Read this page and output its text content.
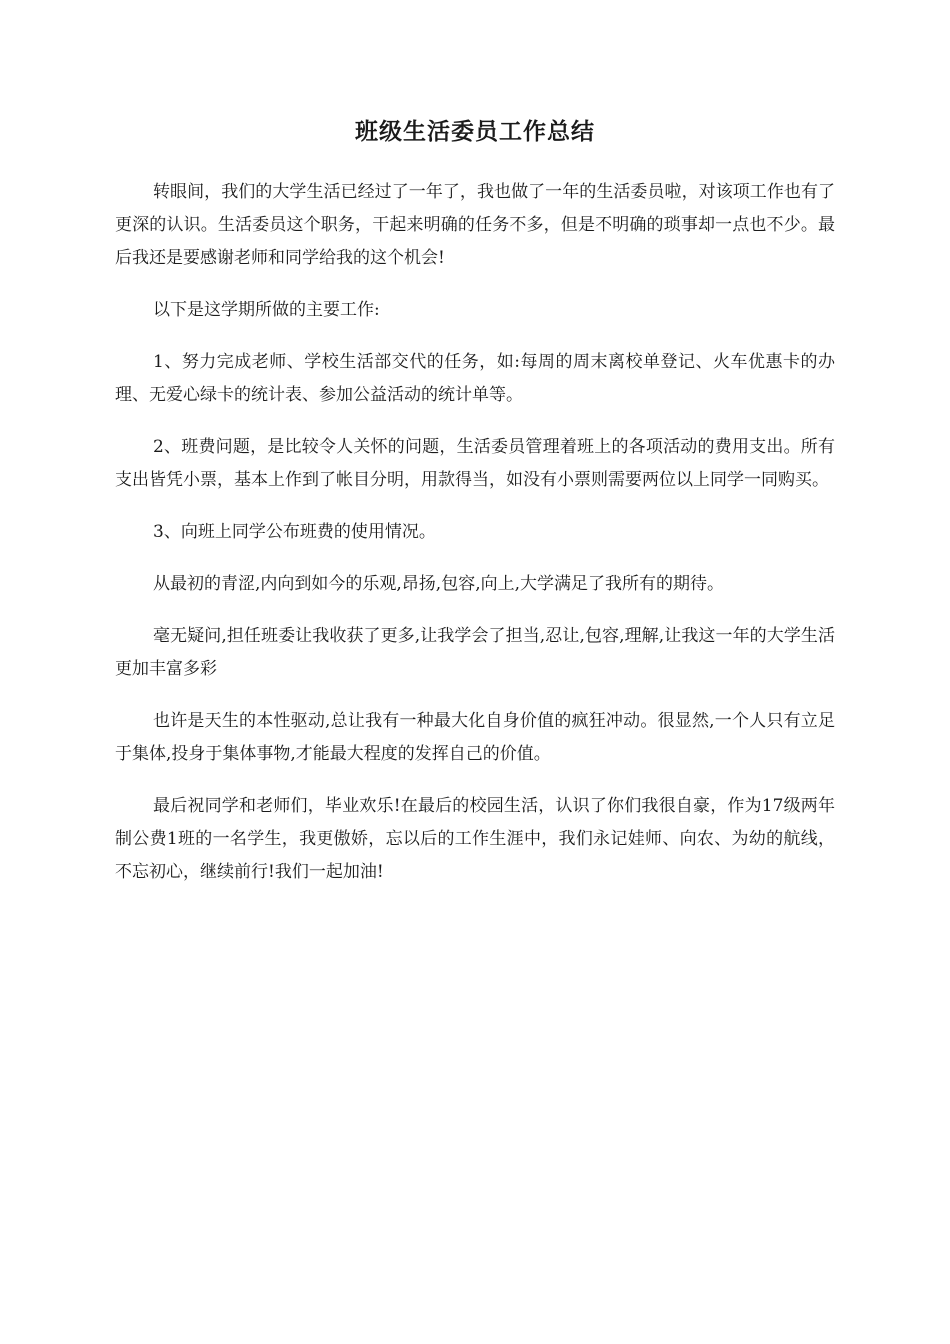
班级生活委员工作总结

转眼间，我们的大学生活已经过了一年了，我也做了一年的生活委员啦，对该项工作也有了更深的认识。生活委员这个职务，干起来明确的任务不多，但是不明确的琐事却一点也不少。最后我还是要感谢老师和同学给我的这个机会!

以下是这学期所做的主要工作:

1、努力完成老师、学校生活部交代的任务，如:每周的周末离校单登记、火车优惠卡的办理、无爱心绿卡的统计表、参加公益活动的统计单等。

2、班费问题，是比较令人关怀的问题，生活委员管理着班上的各项活动的费用支出。所有支出皆凭小票，基本上作到了帐目分明，用款得当，如没有小票则需要两位以上同学一同购买。

3、向班上同学公布班费的使用情况。

从最初的青涩,内向到如今的乐观,昂扬,包容,向上,大学满足了我所有的期待。

毫无疑问,担任班委让我收获了更多,让我学会了担当,忍让,包容,理解,让我这一年的大学生活更加丰富多彩

也许是天生的本性驱动,总让我有一种最大化自身价值的疯狂冲动。很显然,一个人只有立足于集体,投身于集体事物,才能最大程度的发挥自己的价值。

最后祝同学和老师们，毕业欢乐!在最后的校园生活，认识了你们我很自豪，作为17级两年制公费1班的一名学生，我更傲娇，忘以后的工作生涯中，我们永记娃师、向农、为幼的航线，不忘初心，继续前行!我们一起加油!
